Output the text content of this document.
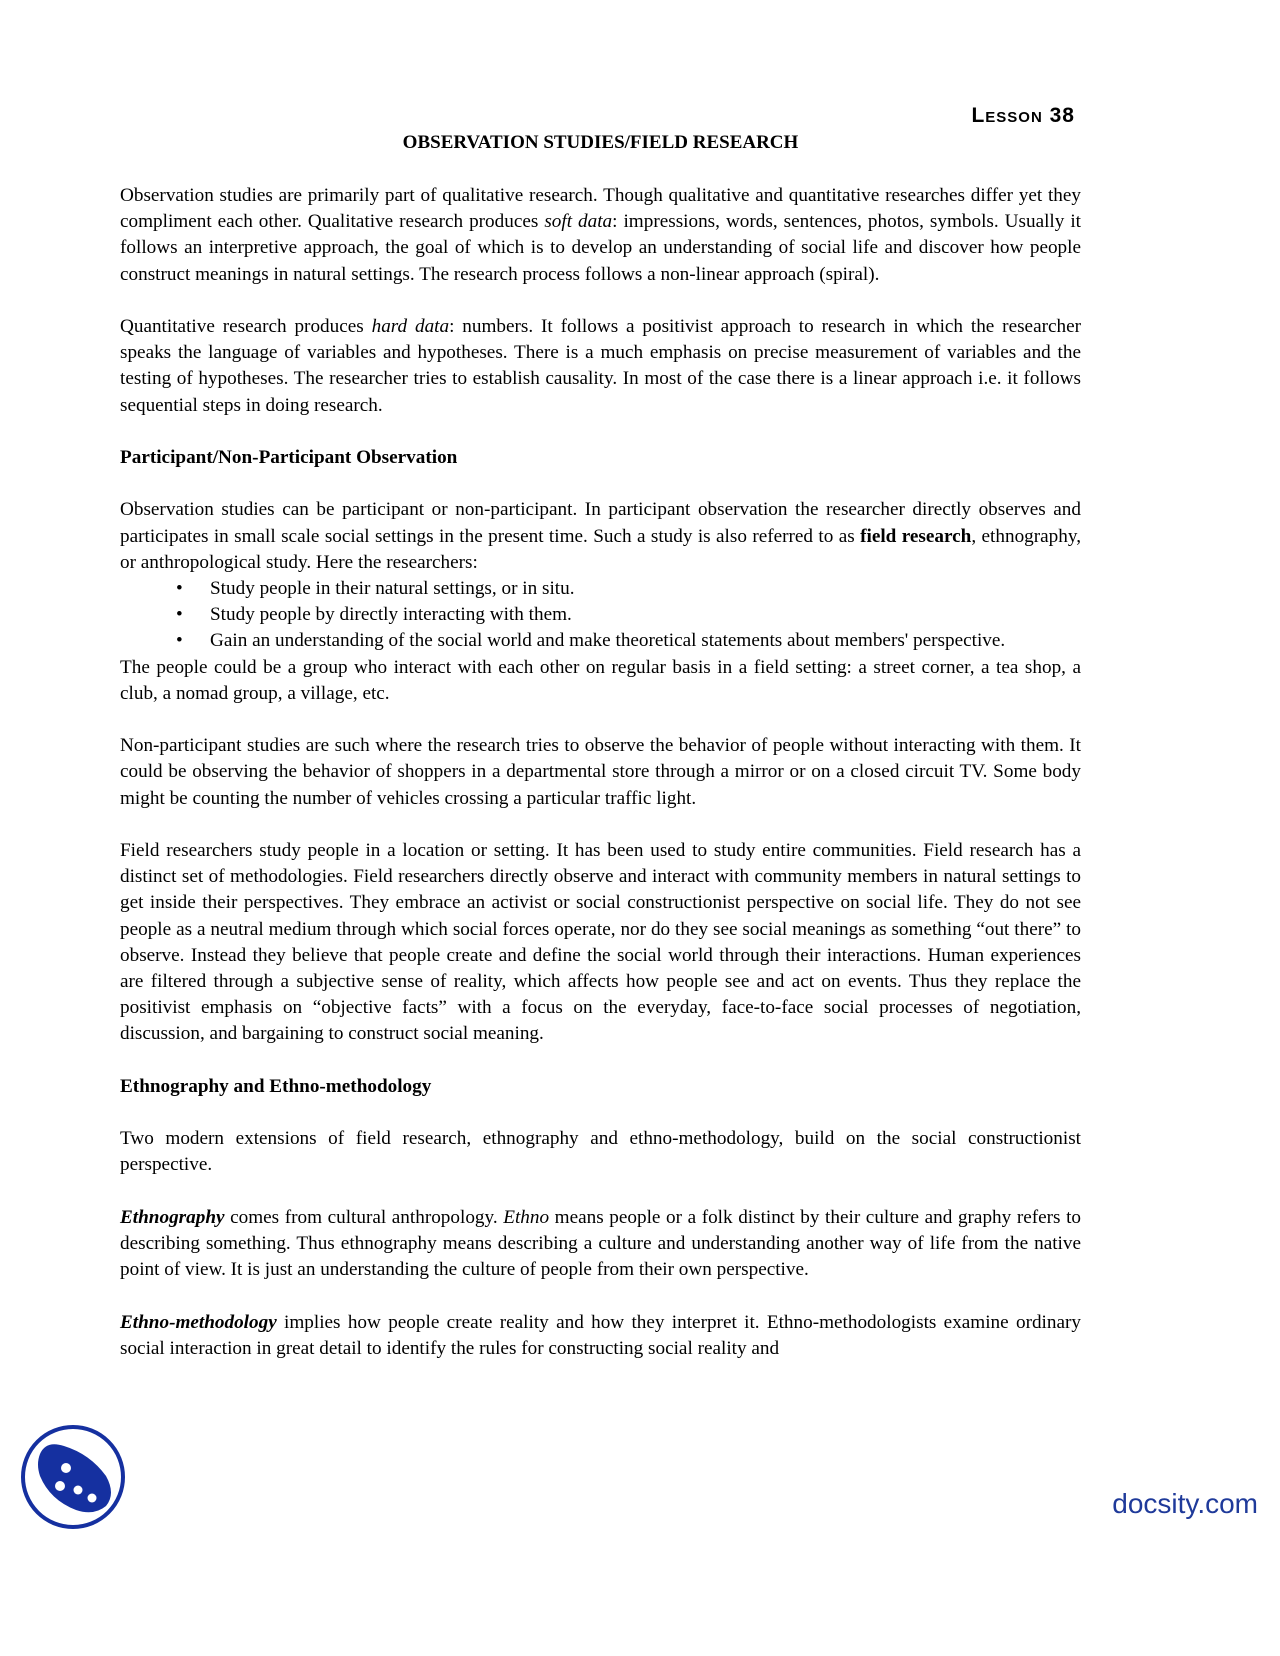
Lesson 38
OBSERVATION STUDIES/FIELD RESEARCH

Observation studies are primarily part of qualitative research. Though qualitative and quantitative researches differ yet they compliment each other. Qualitative research produces soft data: impressions, words, sentences, photos, symbols. Usually it follows an interpretive approach, the goal of which is to develop an understanding of social life and discover how people construct meanings in natural settings. The research process follows a non-linear approach (spiral).

Quantitative research produces hard data: numbers. It follows a positivist approach to research in which the researcher speaks the language of variables and hypotheses. There is a much emphasis on precise measurement of variables and the testing of hypotheses. The researcher tries to establish causality. In most of the case there is a linear approach i.e. it follows sequential steps in doing research.

Participant/Non-Participant Observation

Observation studies can be participant or non-participant. In participant observation the researcher directly observes and participates in small scale social settings in the present time. Such a study is also referred to as field research, ethnography, or anthropological study. Here the researchers:

• Study people in their natural settings, or in situ.
• Study people by directly interacting with them.
• Gain an understanding of the social world and make theoretical statements about members' perspective.

The people could be a group who interact with each other on regular basis in a field setting: a street corner, a tea shop, a club, a nomad group, a village, etc.

Non-participant studies are such where the research tries to observe the behavior of people without interacting with them. It could be observing the behavior of shoppers in a departmental store through a mirror or on a closed circuit TV. Some body might be counting the number of vehicles crossing a particular traffic light.

Field researchers study people in a location or setting. It has been used to study entire communities. Field research has a distinct set of methodologies. Field researchers directly observe and interact with community members in natural settings to get inside their perspectives. They embrace an activist or social constructionist perspective on social life. They do not see people as a neutral medium through which social forces operate, nor do they see social meanings as something “out there” to observe. Instead they believe that people create and define the social world through their interactions. Human experiences are filtered through a subjective sense of reality, which affects how people see and act on events. Thus they replace the positivist emphasis on “objective facts” with a focus on the everyday, face-to-face social processes of negotiation, discussion, and bargaining to construct social meaning.

Ethnography and Ethno-methodology

Two modern extensions of field research, ethnography and ethno-methodology, build on the social constructionist perspective.

Ethnography comes from cultural anthropology. Ethno means people or a folk distinct by their culture and graphy refers to describing something. Thus ethnography means describing a culture and understanding another way of life from the native point of view. It is just an understanding the culture of people from their own perspective.

Ethno-methodology implies how people create reality and how they interpret it. Ethno-methodologists examine ordinary social interaction in great detail to identify the rules for constructing social reality and

docsity.com
